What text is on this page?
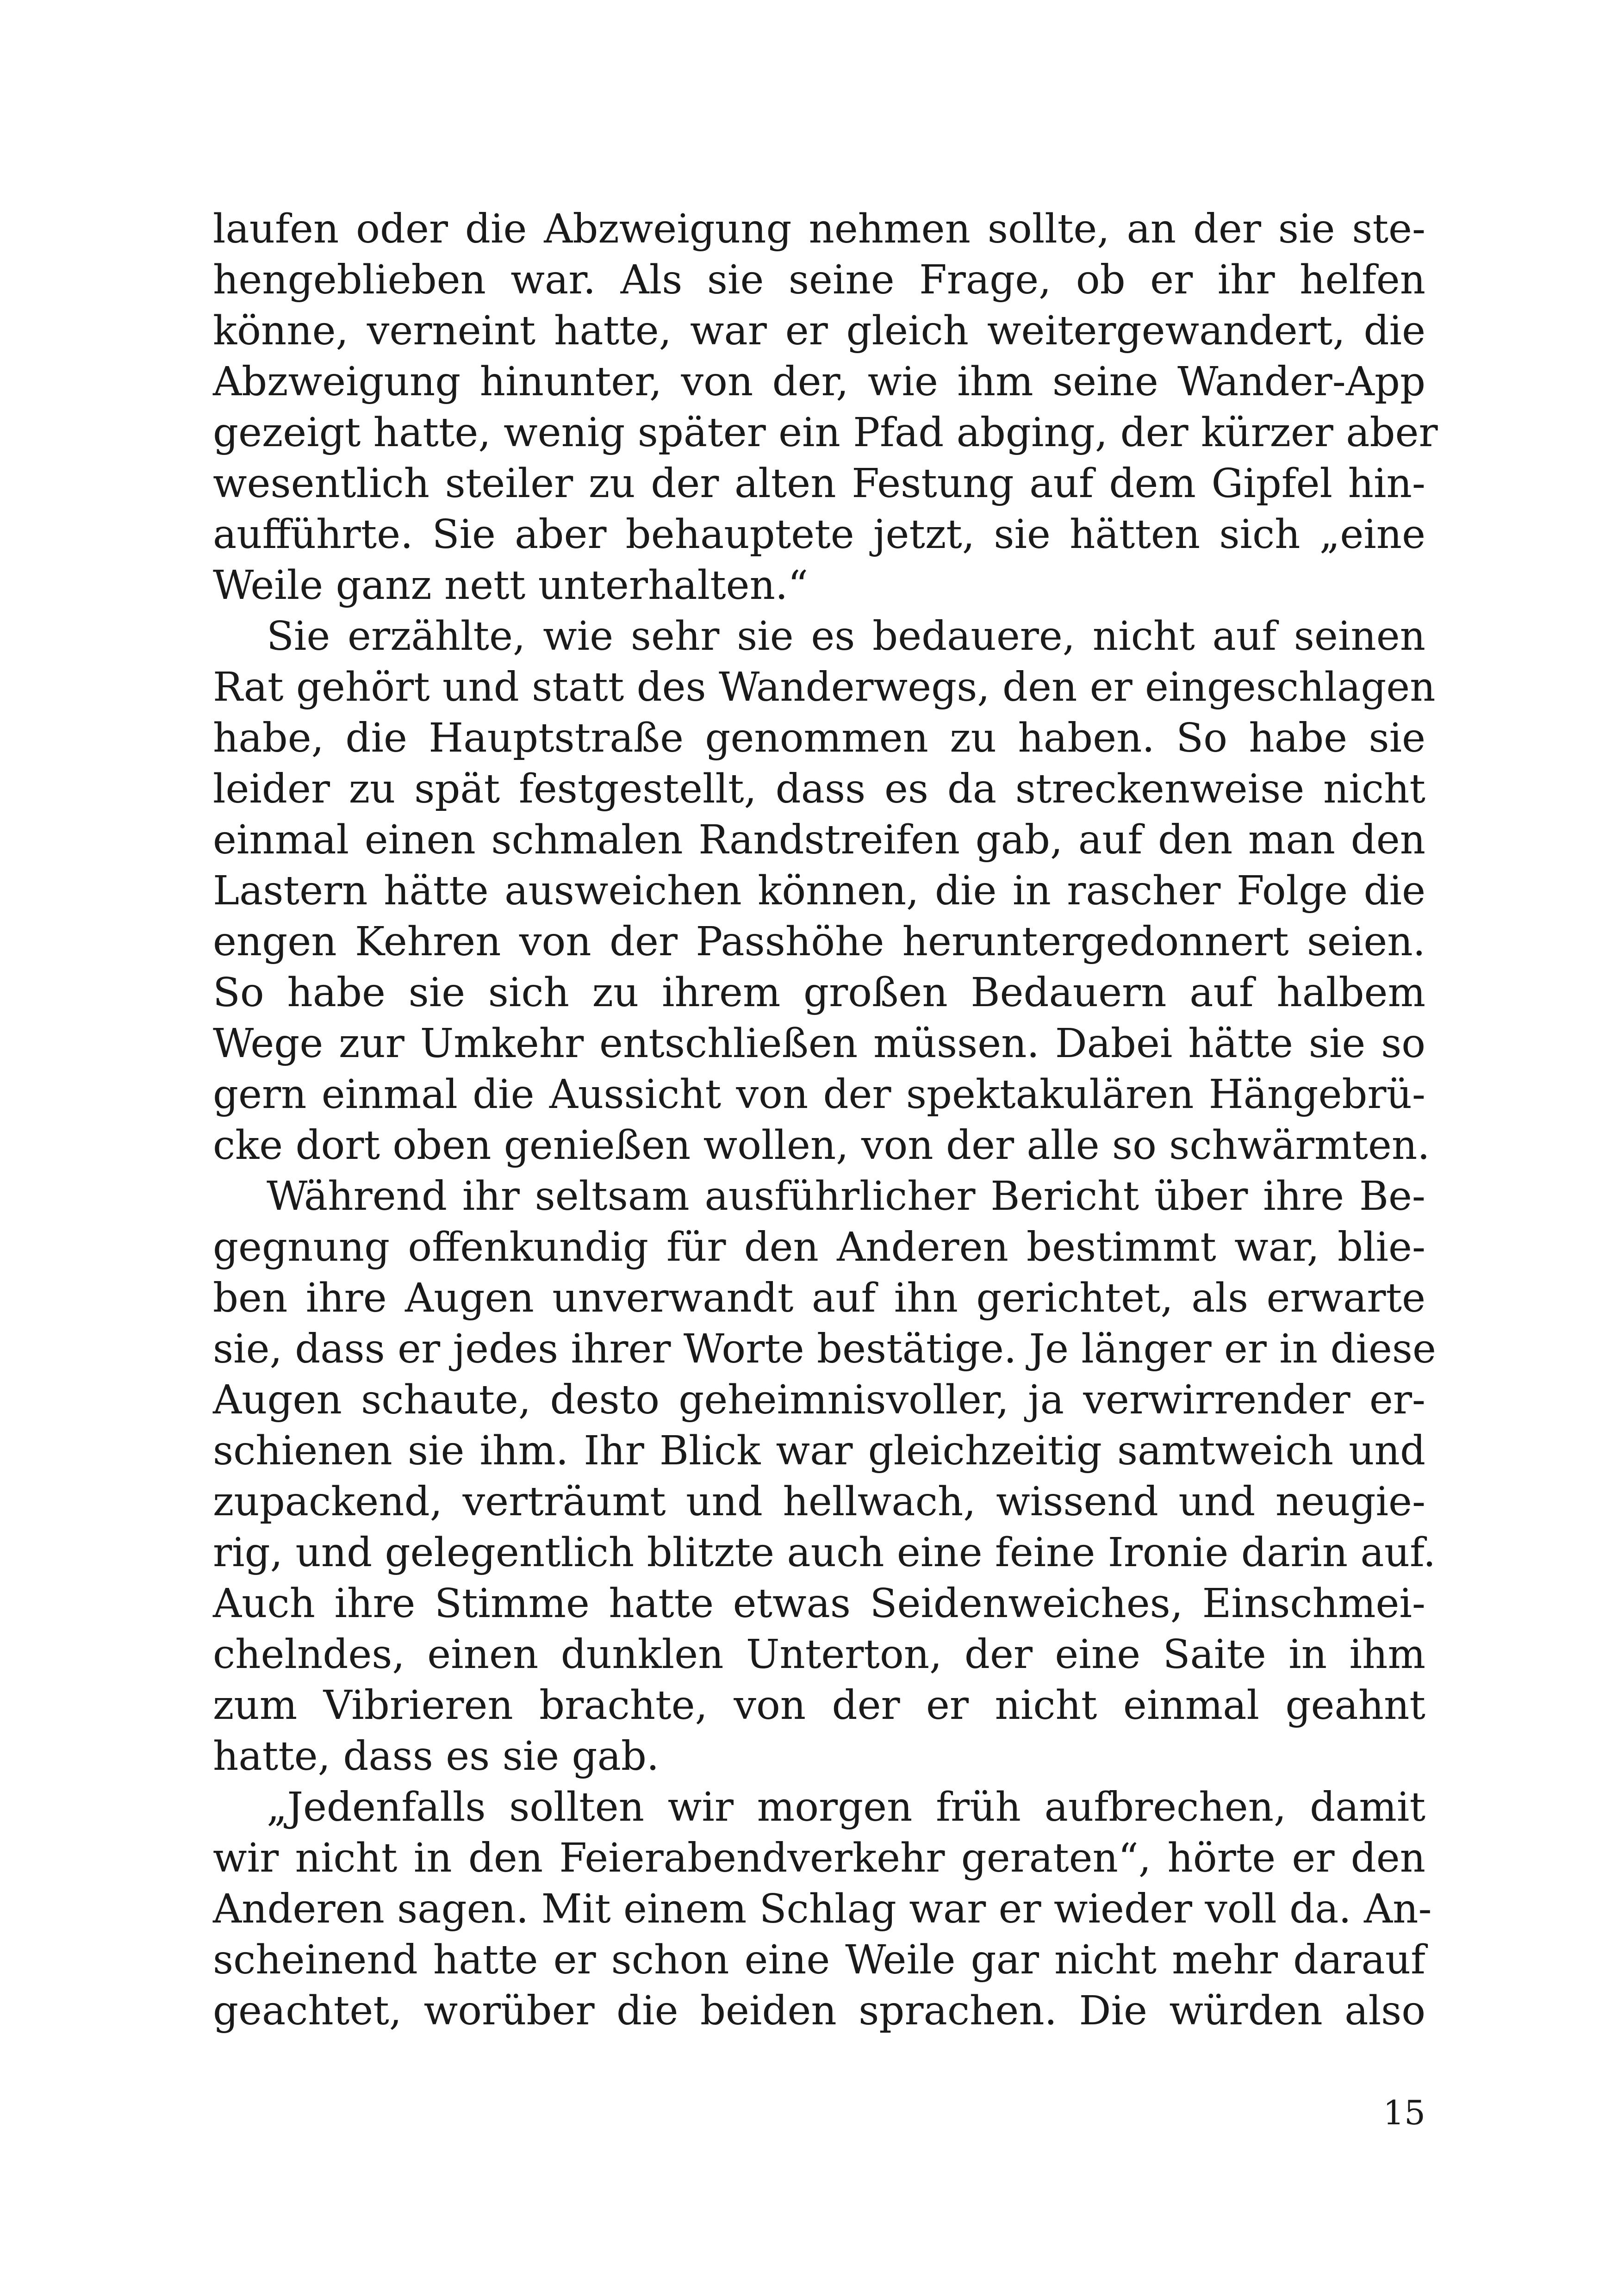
laufen oder die Abzweigung nehmen sollte, an der sie ste-
hengeblieben war. Als sie seine Frage, ob er ihr helfen
könne, verneint hatte, war er gleich weitergewandert, die
Abzweigung hinunter, von der, wie ihm seine Wander-App
gezeigt hatte, wenig später ein Pfad abging, der kürzer aber
wesentlich steiler zu der alten Festung auf dem Gipfel hin-
aufführte. Sie aber behauptete jetzt, sie hätten sich „eine
Weile ganz nett unterhalten.“
Sie erzählte, wie sehr sie es bedauere, nicht auf seinen
Rat gehört und statt des Wanderwegs, den er eingeschlagen
habe, die Hauptstraße genommen zu haben. So habe sie
leider zu spät festgestellt, dass es da streckenweise nicht
einmal einen schmalen Randstreifen gab, auf den man den
Lastern hätte ausweichen können, die in rascher Folge die
engen Kehren von der Passhöhe heruntergedonnert seien.
So habe sie sich zu ihrem großen Bedauern auf halbem
Wege zur Umkehr entschließen müssen. Dabei hätte sie so
gern einmal die Aussicht von der spektakulären Hängebrü-
cke dort oben genießen wollen, von der alle so schwärmten.
Während ihr seltsam ausführlicher Bericht über ihre Be-
gegnung offenkundig für den Anderen bestimmt war, blie-
ben ihre Augen unverwandt auf ihn gerichtet, als erwarte
sie, dass er jedes ihrer Worte bestätige. Je länger er in diese
Augen schaute, desto geheimnisvoller, ja verwirrender er-
schienen sie ihm. Ihr Blick war gleichzeitig samtweich und
zupackend, verträumt und hellwach, wissend und neugie-
rig, und gelegentlich blitzte auch eine feine Ironie darin auf.
Auch ihre Stimme hatte etwas Seidenweiches, Einschmei-
chelndes, einen dunklen Unterton, der eine Saite in ihm
zum Vibrieren brachte, von der er nicht einmal geahnt
hatte, dass es sie gab.
„Jedenfalls sollten wir morgen früh aufbrechen, damit
wir nicht in den Feierabendverkehr geraten“, hörte er den
Anderen sagen. Mit einem Schlag war er wieder voll da. An-
scheinend hatte er schon eine Weile gar nicht mehr darauf
geachtet, worüber die beiden sprachen. Die würden also
15
